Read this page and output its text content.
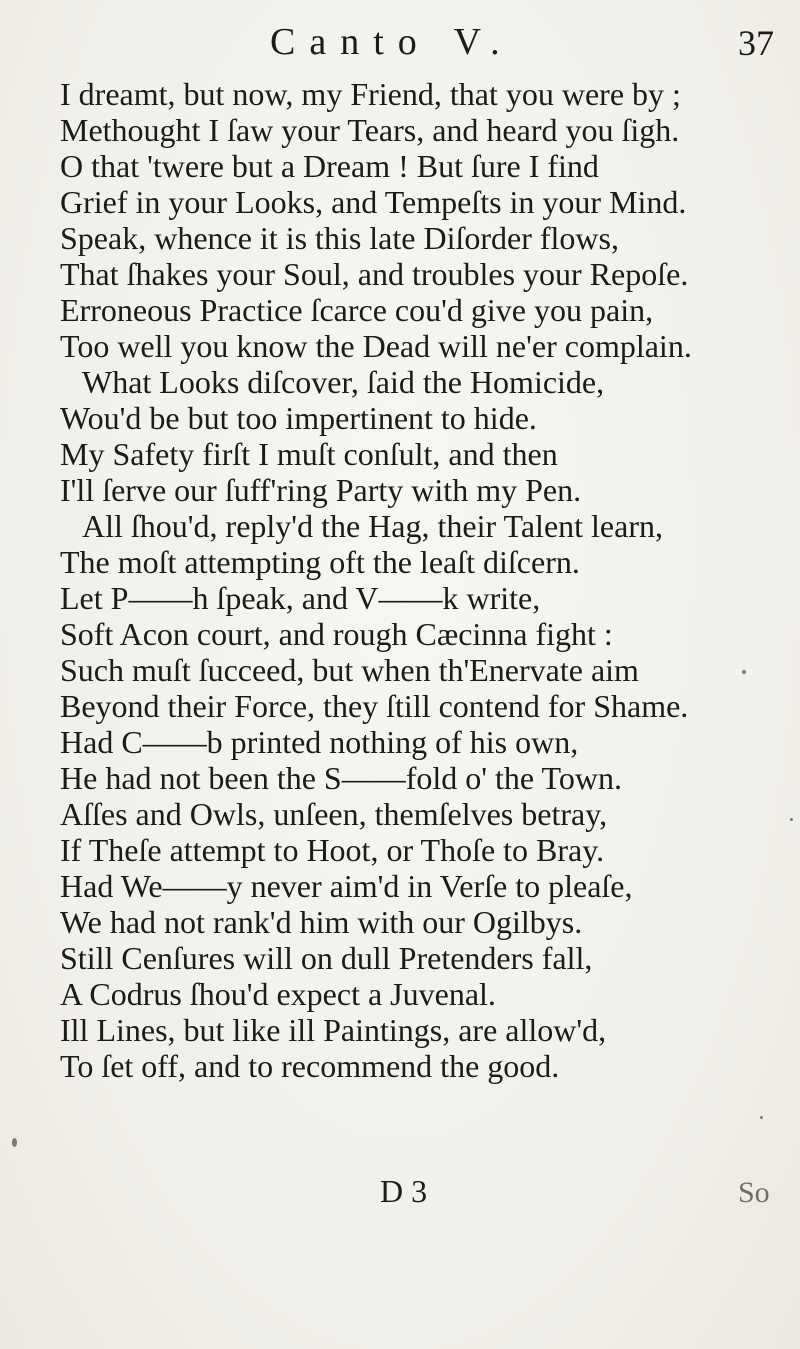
Canto V.	37
I dreamt, but now, my Friend, that you were by ;
Methought I ſaw your Tears, and heard you ſigh.
O that 'twere but a Dream ! But ſure I find
Grief in your Looks, and Tempeſts in your Mind.
Speak, whence it is this late Diſorder flows,
That ſhakes your Soul, and troubles your Repoſe.
Erroneous Practice ſcarce cou'd give you pain,
Too well you know the Dead will ne'er complain.
What Looks diſcover, ſaid the Homicide,
Wou'd be but too impertinent to hide.
My Safety firſt I muſt conſult, and then
I'll ſerve our ſuff'ring Party with my Pen.
All ſhou'd, reply'd the Hag, their Talent learn,
The moſt attempting oft the leaſt diſcern.
Let P——h ſpeak, and V——k write,
Soft Acon court, and rough Cæcinna fight :
Such muſt ſucceed, but when th'Enervate aim
Beyond their Force, they ſtill contend for Shame.
Had C——b printed nothing of his own,
He had not been the S——fold o' the Town.
Aſſes and Owls, unſeen, themſelves betray,
If Theſe attempt to Hoot, or Thoſe to Bray.
Had We——y never aim'd in Verſe to pleaſe,
We had not rank'd him with our Ogilbys.
Still Cenſures will on dull Pretenders fall,
A Codrus ſhou'd expect a Juvenal.
Ill Lines, but like ill Paintings, are allow'd,
To ſet off, and to recommend the good.
D 3	So
